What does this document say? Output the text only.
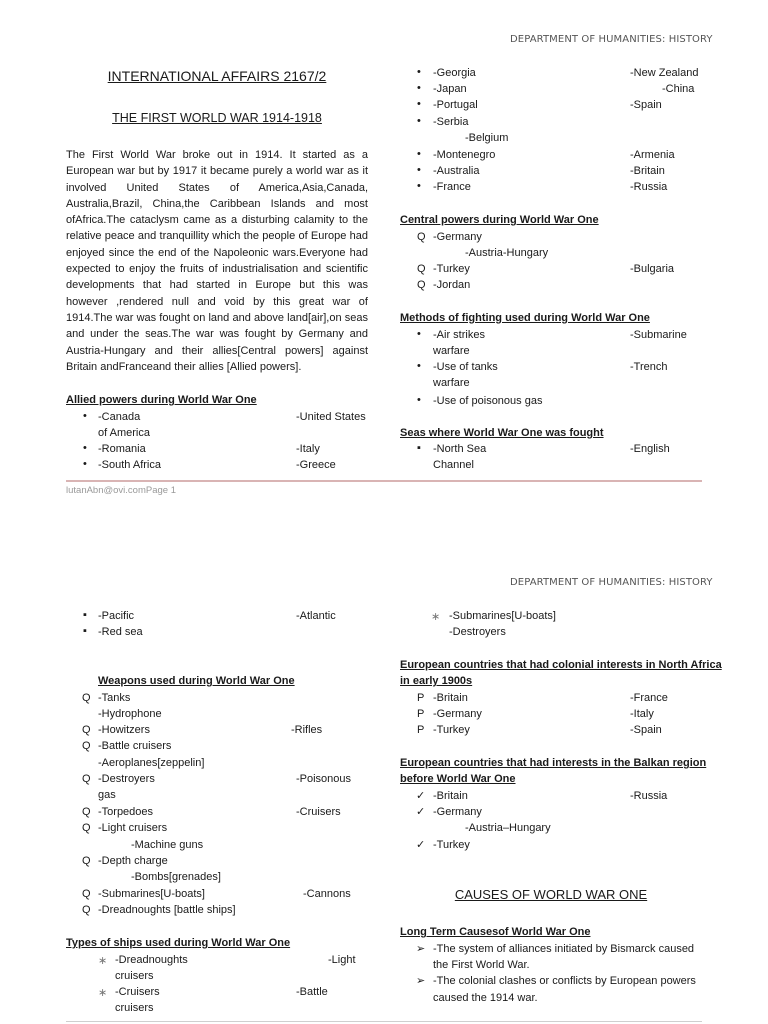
DEPARTMENT OF HUMANITIES: HISTORY
INTERNATIONAL AFFAIRS 2167/2
THE FIRST WORLD WAR 1914-1918
The First World War broke out in 1914. It started as a European war but by 1917 it became purely a world war as it involved United States of America,Asia,Canada, Australia,Brazil, China,the Caribbean Islands and most ofAfrica.The cataclysm came as a disturbing calamity to the relative peace and tranquillity which the people of Europe had enjoyed since the end of the Napoleonic wars.Everyone had expected to enjoy the fruits of industrialisation and scientific developments that had started in Europe but this was however ,rendered null and void by this great war of 1914.The war was fought on land and above land[air],on seas and under the seas.The war was fought by Germany and Austria-Hungary and their allies[Central powers] against Britain andFranceand their allies [Allied powers].
Allied powers during World War One
• -Canada	-United States
of America
• -Romania	-Italy
• -South Africa	-Greece
• -Georgia	-New Zealand
• -Japan	-China
• -Portugal	-Spain
• -Serbia
-Belgium
• -Montenegro	-Armenia
• -Australia	-Britain
• -France	-Russia
Central powers during World War One
Q -Germany
-Austria-Hungary
Q -Turkey	-Bulgaria
Q -Jordan
Methods of fighting used during World War One
• -Air strikes	-Submarine
warfare
• -Use of tanks	-Trench
warfare
• -Use of poisonous gas
Seas where World War One was fought
▪ -North Sea	-English
Channel
lutanAbn@ovi.comPage 1
DEPARTMENT OF HUMANITIES: HISTORY
▪ -Pacific	-Atlantic
▪ -Red sea
Weapons used during World War One
Q -Tanks
-Hydrophone
Q -Howitzers	-Rifles
Q -Battle cruisers
-Aeroplanes[zeppelin]
Q -Destroyers	-Poisonous
gas
Q -Torpedoes	-Cruisers
Q -Light cruisers
-Machine guns
Q -Depth charge
-Bombs[grenades]
Q -Submarines[U-boats]	-Cannons
Q -Dreadnoughts [battle ships]
Types of ships used during World War One
∗ -Dreadnoughts	-Light
cruisers
∗ -Cruisers	-Battle
cruisers
∗ -Submarines[U-boats]
-Destroyers
European countries that had colonial interests in North Africa
in early 1900s
P -Britain	-France
P -Germany	-Italy
P -Turkey	-Spain
European countries that had interests in the Balkan region
before World War One
✓ -Britain	-Russia
✓ -Germany
-Austria–Hungary
✓ -Turkey
CAUSES OF WORLD WAR ONE
Long Term Causesof World War One
➢ -The system of alliances initiated by Bismarck caused
the First World War.
➢ -The colonial clashes or conflicts by European powers
caused the 1914 war.
